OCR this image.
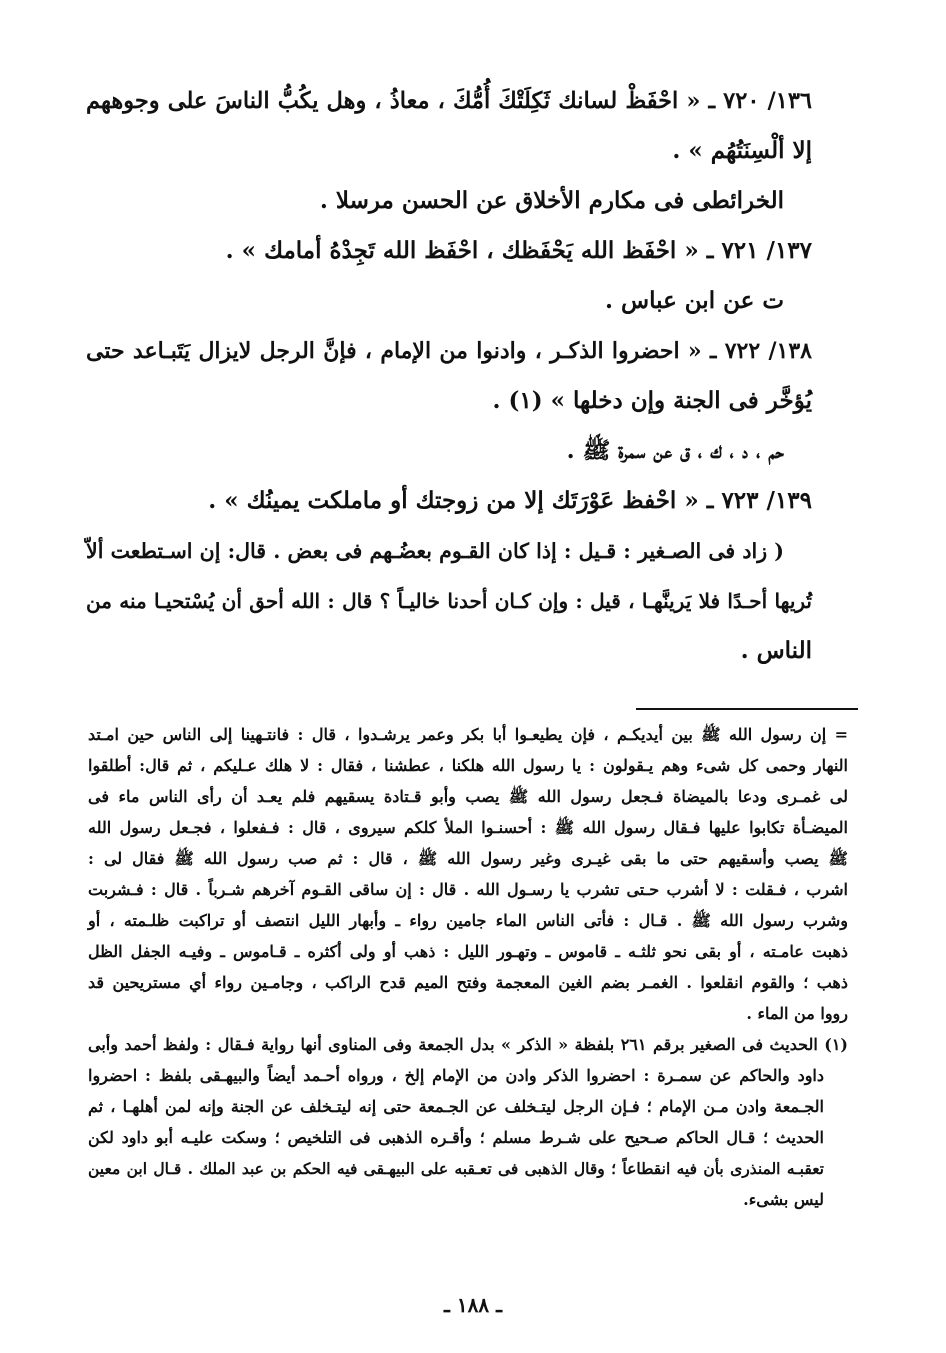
١٣٦/ ٧٢٠ ـ « احْفَظْ لسانك ثَكِلَتْكَ أُمُّكَ ، معاذُ ، وهل يكُبُّ الناسَ على وجوههم
إلا ألْسِنَتُهُم » .
الخرائطى فى مكارم الأخلاق عن الحسن مرسلا .
١٣٧/ ٧٢١ ـ « احْفَظ الله يَحْفَظك ، احْفَظ الله تَجِدْهُ أمامك » .
ت عن ابن عباس .
١٣٨/ ٧٢٢ ـ « احضروا الذكـر ، وادنوا من الإمام ، فإنَّ الرجل لايزال يَتَبـاعد حتى
يُؤخَّر فى الجنة وإن دخلها » (١) .
حم ، د ، ك ، ق عن سمرة ﷺ .
١٣٩/ ٧٢٣ ـ « احْفظ عَوْرَتَك إلا من زوجتك أو ماملكت يمينُك » .
( زاد فى الصـغير : قـيل : إذا كان القـوم بعضُـهم فى بعض . قال: إن اسـتطعت ألاّ
تُريها أحـدًا فلا يَرينَّهـا ، قيل : وإن كـان أحدنا خاليـاً ؟ قال : الله أحق أن يُسْتحيـا منه من
الناس .
= إن رسول الله ﷺ بين أيديكـم ، فإن يطيعـوا أبا بكر وعمر يرشـدوا ، قال : فانتـهينا إلى الناس حين امـتد
النهار وحمى كل شىء وهم يـقولون : يا رسول الله هلكنا ، عطشنا ، فقال : لا هلك عـليكم ، ثم قال: أطلقوا
لى غمـرى ودعا بالميضاة فـجعل رسول الله ﷺ يصب وأبو قـتادة يسقيهم فلم يعـد أن رأى الناس ماء فى
الميضـأة تكابوا عليها فـقال رسول الله ﷺ : أحسنـوا الملأ كلكم سيروى ، قال : فـفعلوا ، فجـعل رسول الله
ﷺ يصب وأسقيهم حتى ما بقى غيـرى وغير رسول الله ﷺ ، قال : ثم صب رسول الله ﷺ فقال لى :
اشرب ، فـقلت : لا أشرب حـتى تشرب يا رسـول الله . قال : إن ساقى القـوم آخرهم شـرباً . قال : فـشربت
وشرب رسول الله ﷺ . قـال : فأتى الناس الماء جامين رواء ـ وأبهار الليل انتصف أو تراكبت ظلـمته ، أو
ذهبت عامـته ، أو بقى نحو ثلثـه ـ قاموس ـ وتهـور الليل : ذهب أو ولى أكثره ـ قـاموس ـ وفيـه الجفل الظل
ذهب ؛ والقوم انقلعوا . الغمـر بضم الغين المعجمة وفتح الميم قدح الراكب ، وجامـين رواء أي مستريحين قد
رووا من الماء .
(١) الحديث فى الصغير برقم ٢٦١ بلفظة « الذكر » بدل الجمعة وفى المناوى أنها رواية فـقال : ولفظ أحمد وأبى
داود والحاكم عن سمـرة : احضروا الذكر وادن من الإمام إلخ ، ورواه أحـمد أيضاً والبيهـقى بلفظ : احضروا
الجـمعة وادن مـن الإمام ؛ فـإن الرجل ليتـخلف عن الجـمعة حتى إنه ليتـخلف عن الجنة وإنه لمن أهلهـا ، ثم
الحديث ؛ قـال الحاكم صـحيح على شـرط مسلم ؛ وأقـره الذهبى فى التلخيص ؛ وسكت عليـه أبو داود لكن
تعقبـه المنذرى بأن فيه انقطاعاً ؛ وقال الذهبى فى تعـقبه على البيهـقى فيه الحكم بن عبد الملك . قـال ابن معين
ليس بشىء.
ـ ١٨٨ ـ
